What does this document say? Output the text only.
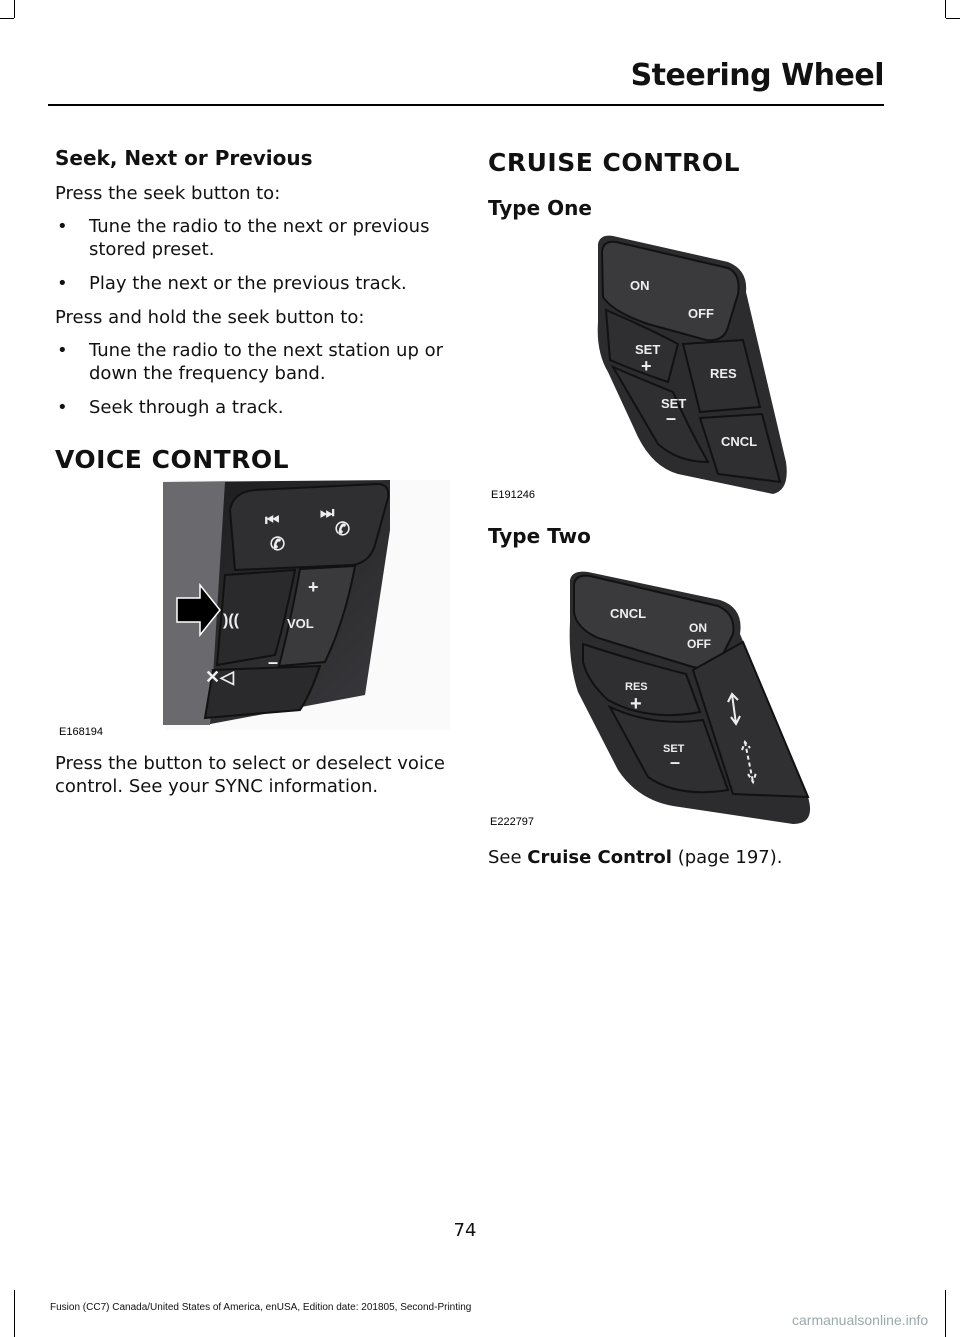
Steering Wheel
Seek, Next or Previous
Press the seek button to:
• Tune the radio to the next or previous stored preset.
• Play the next or the previous track.
Press and hold the seek button to:
• Tune the radio to the next station up or down the frequency band.
• Seek through a track.
VOICE CONTROL
⏮	⏭
✆
✆
)((
+
VOL
–
✕◁
E168194
Press the button to select or deselect voice control. See your SYNC information.
CRUISE CONTROL
Type One
ON
OFF
SET
+	RES
SET
–
CNCL
E191246
Type Two
CNCL
ON
OFF
RES
+
SET
–
E222797
See Cruise Control (page 197).
74
Fusion (CC7) Canada/United States of America, enUSA, Edition date: 201805, Second-Printing
carmanualsonline.info
